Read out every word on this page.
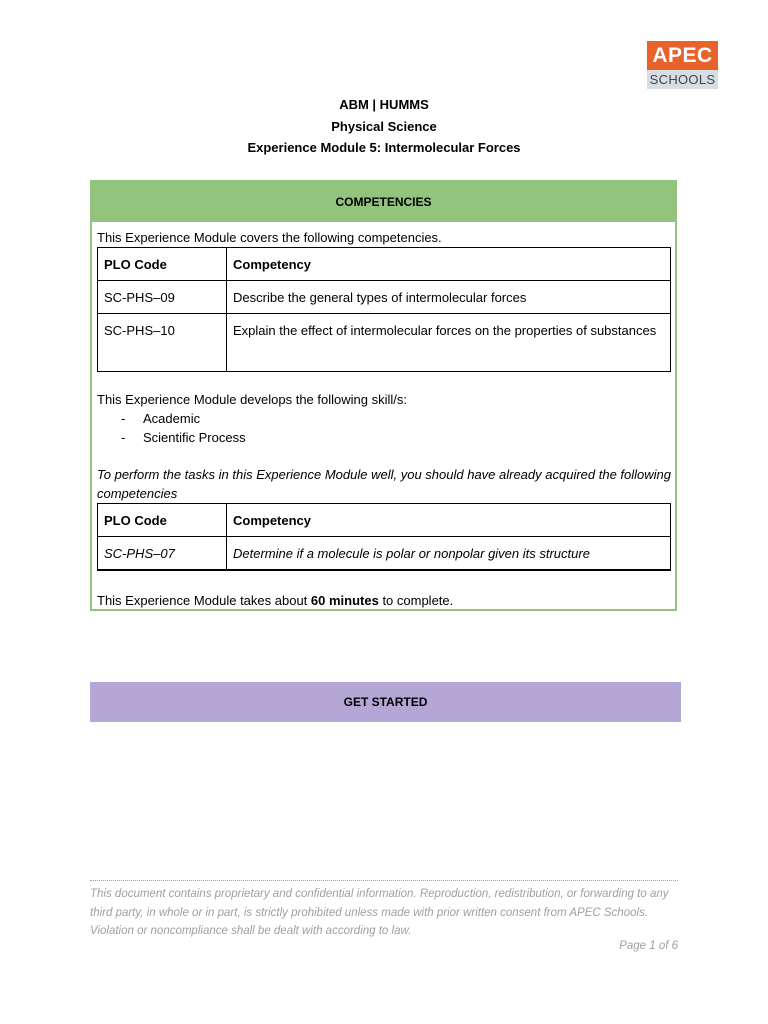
APEC
SCHOOLS
ABM | HUMMS
Physical Science
Experience Module 5: Intermolecular Forces
COMPETENCIES
This Experience Module covers the following competencies.
PLO Code	Competency
SC-PHS–09	Describe the general types of intermolecular forces
SC-PHS–10	Explain the effect of intermolecular forces on the properties of substances
This Experience Module develops the following skill/s:
- Academic
- Scientific Process
To perform the tasks in this Experience Module well, you should have already acquired the following competencies
PLO Code	Competency
SC-PHS–07	Determine if a molecule is polar or nonpolar given its structure
This Experience Module takes about 60 minutes to complete.
GET STARTED
This document contains proprietary and confidential information. Reproduction, redistribution, or forwarding to any third party, in whole or in part, is strictly prohibited unless made with prior written consent from APEC Schools. Violation or noncompliance shall be dealt with according to law.
Page 1 of 6
